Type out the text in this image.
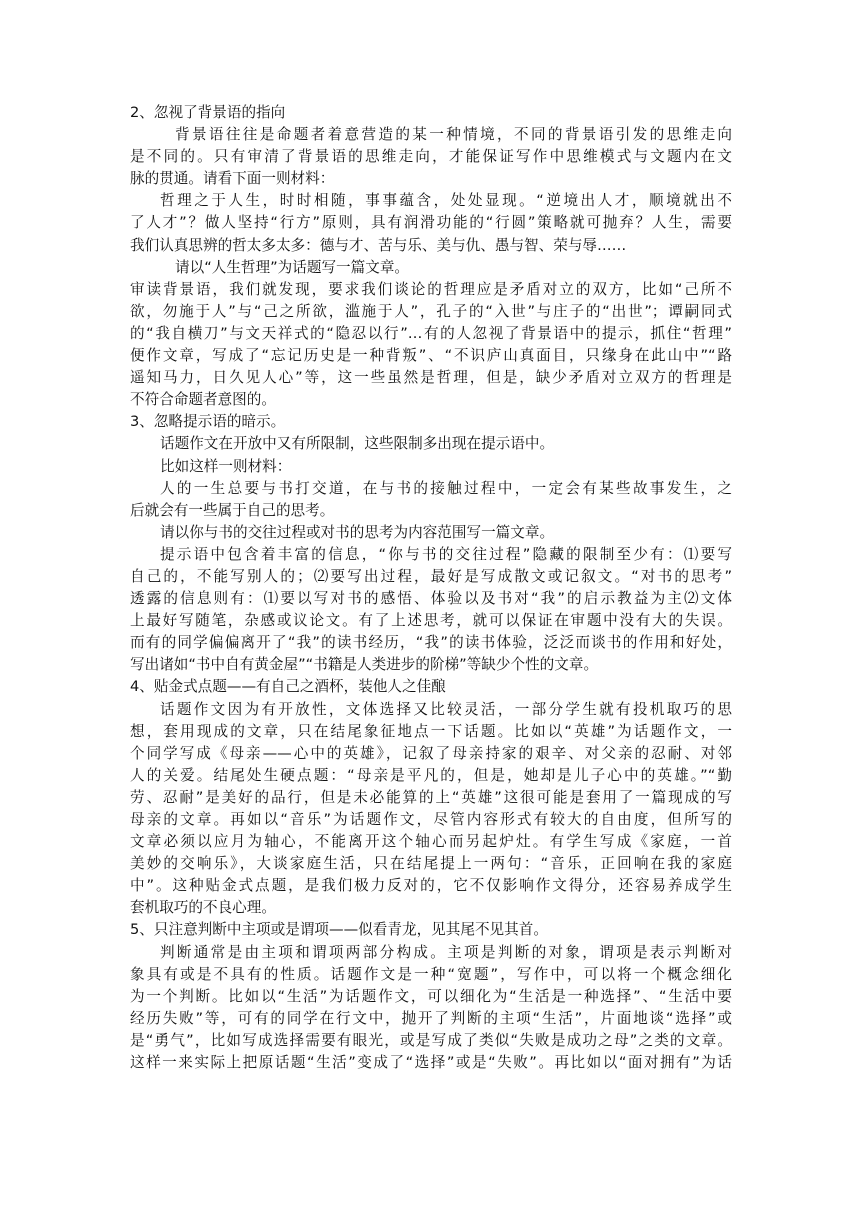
2、忽视了背景语的指向
背景语往往是命题者着意营造的某一种情境，不同的背景语引发的思维走向
是不同的。只有审清了背景语的思维走向，才能保证写作中思维模式与文题内在文
脉的贯通。请看下面一则材料：
哲理之于人生，时时相随，事事蕴含，处处显现。“逆境出人才，顺境就出不
了人才”？做人坚持“行方”原则，具有润滑功能的“行圆”策略就可抛弃？人生，需要
我们认真思辨的哲太多太多：德与才、苦与乐、美与仇、愚与智、荣与辱……
请以“人生哲理”为话题写一篇文章。
审读背景语，我们就发现，要求我们谈论的哲理应是矛盾对立的双方，比如“己所不
欲，勿施于人”与“己之所欲，滥施于人”，孔子的“入世”与庄子的“出世”；谭嗣同式
的“我自横刀”与文天祥式的“隐忍以行”…有的人忽视了背景语中的提示，抓住“哲理”
便作文章，写成了“忘记历史是一种背叛”、“不识庐山真面目，只缘身在此山中”“路
遥知马力，日久见人心”等，这一些虽然是哲理，但是，缺少矛盾对立双方的哲理是
不符合命题者意图的。
3、忽略提示语的暗示。
话题作文在开放中又有所限制，这些限制多出现在提示语中。
比如这样一则材料：
人的一生总要与书打交道，在与书的接触过程中，一定会有某些故事发生，之
后就会有一些属于自己的思考。
请以你与书的交往过程或对书的思考为内容范围写一篇文章。
提示语中包含着丰富的信息，“你与书的交往过程”隐藏的限制至少有：⑴要写
自己的，不能写别人的；⑵要写出过程，最好是写成散文或记叙文。“对书的思考”
透露的信息则有：⑴要以写对书的感悟、体验以及书对“我”的启示教益为主⑵文体
上最好写随笔，杂感或议论文。有了上述思考，就可以保证在审题中没有大的失误。
而有的同学偏偏离开了“我”的读书经历，“我”的读书体验，泛泛而谈书的作用和好处，
写出诸如“书中自有黄金屋”“书籍是人类进步的阶梯”等缺少个性的文章。
4、贴金式点题——有自己之酒杯，装他人之佳酿
话题作文因为有开放性，文体选择又比较灵活，一部分学生就有投机取巧的思
想，套用现成的文章，只在结尾象征地点一下话题。比如以“英雄”为话题作文，一
个同学写成《母亲——心中的英雄》，记叙了母亲持家的艰辛、对父亲的忍耐、对邻
人的关爱。结尾处生硬点题：“母亲是平凡的，但是，她却是儿子心中的英雄。”“勤
劳、忍耐”是美好的品行，但是未必能算的上“英雄”这很可能是套用了一篇现成的写
母亲的文章。再如以“音乐”为话题作文，尽管内容形式有较大的自由度，但所写的
文章必须以应月为轴心，不能离开这个轴心而另起炉灶。有学生写成《家庭，一首
美妙的交响乐》，大谈家庭生活，只在结尾提上一两句：“音乐，正回响在我的家庭
中”。这种贴金式点题，是我们极力反对的，它不仅影响作文得分，还容易养成学生
套机取巧的不良心理。
5、只注意判断中主项或是谓项——似看青龙，见其尾不见其首。
判断通常是由主项和谓项两部分构成。主项是判断的对象，谓项是表示判断对
象具有或是不具有的性质。话题作文是一种“宽题”，写作中，可以将一个概念细化
为一个判断。比如以“生活”为话题作文，可以细化为“生活是一种选择”、“生活中要
经历失败”等，可有的同学在行文中，抛开了判断的主项“生活”，片面地谈“选择”或
是“勇气”，比如写成选择需要有眼光，或是写成了类似“失败是成功之母”之类的文章。
这样一来实际上把原话题“生活”变成了“选择”或是“失败”。再比如以“面对拥有”为话
